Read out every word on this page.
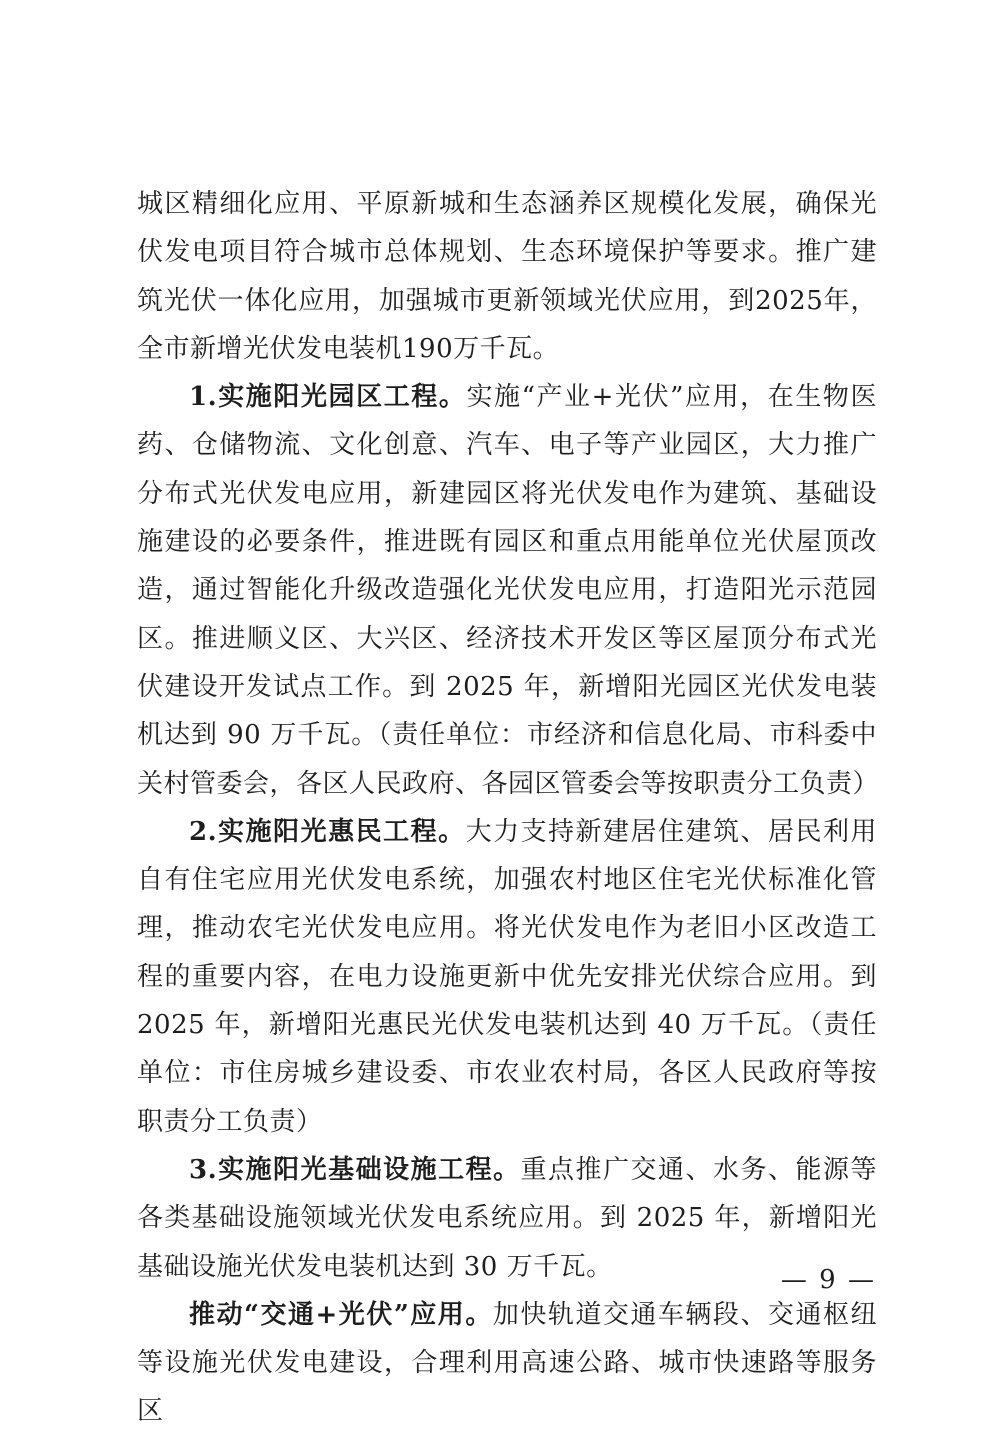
城区精细化应用、平原新城和生态涵养区规模化发展，确保光伏发电项目符合城市总体规划、生态环境保护等要求。推广建筑光伏一体化应用，加强城市更新领域光伏应用，到2025年，全市新增光伏发电装机190万千瓦。

1.实施阳光园区工程。实施“产业+光伏”应用，在生物医药、仓储物流、文化创意、汽车、电子等产业园区，大力推广分布式光伏发电应用，新建园区将光伏发电作为建筑、基础设施建设的必要条件，推进既有园区和重点用能单位光伏屋顶改造，通过智能化升级改造强化光伏发电应用，打造阳光示范园区。推进顺义区、大兴区、经济技术开发区等区屋顶分布式光伏建设开发试点工作。到 2025 年，新增阳光园区光伏发电装机达到 90 万千瓦。（责任单位：市经济和信息化局、市科委中关村管委会，各区人民政府、各园区管委会等按职责分工负责）

2.实施阳光惠民工程。大力支持新建居住建筑、居民利用自有住宅应用光伏发电系统，加强农村地区住宅光伏标准化管理，推动农宅光伏发电应用。将光伏发电作为老旧小区改造工程的重要内容，在电力设施更新中优先安排光伏综合应用。到 2025 年，新增阳光惠民光伏发电装机达到 40 万千瓦。（责任单位：市住房城乡建设委、市农业农村局，各区人民政府等按职责分工负责）

3.实施阳光基础设施工程。重点推广交通、水务、能源等各类基础设施领域光伏发电系统应用。到 2025 年，新增阳光基础设施光伏发电装机达到 30 万千瓦。

推动“交通+光伏”应用。加快轨道交通车辆段、交通枢纽等设施光伏发电建设，合理利用高速公路、城市快速路等服务区

— 9 —
